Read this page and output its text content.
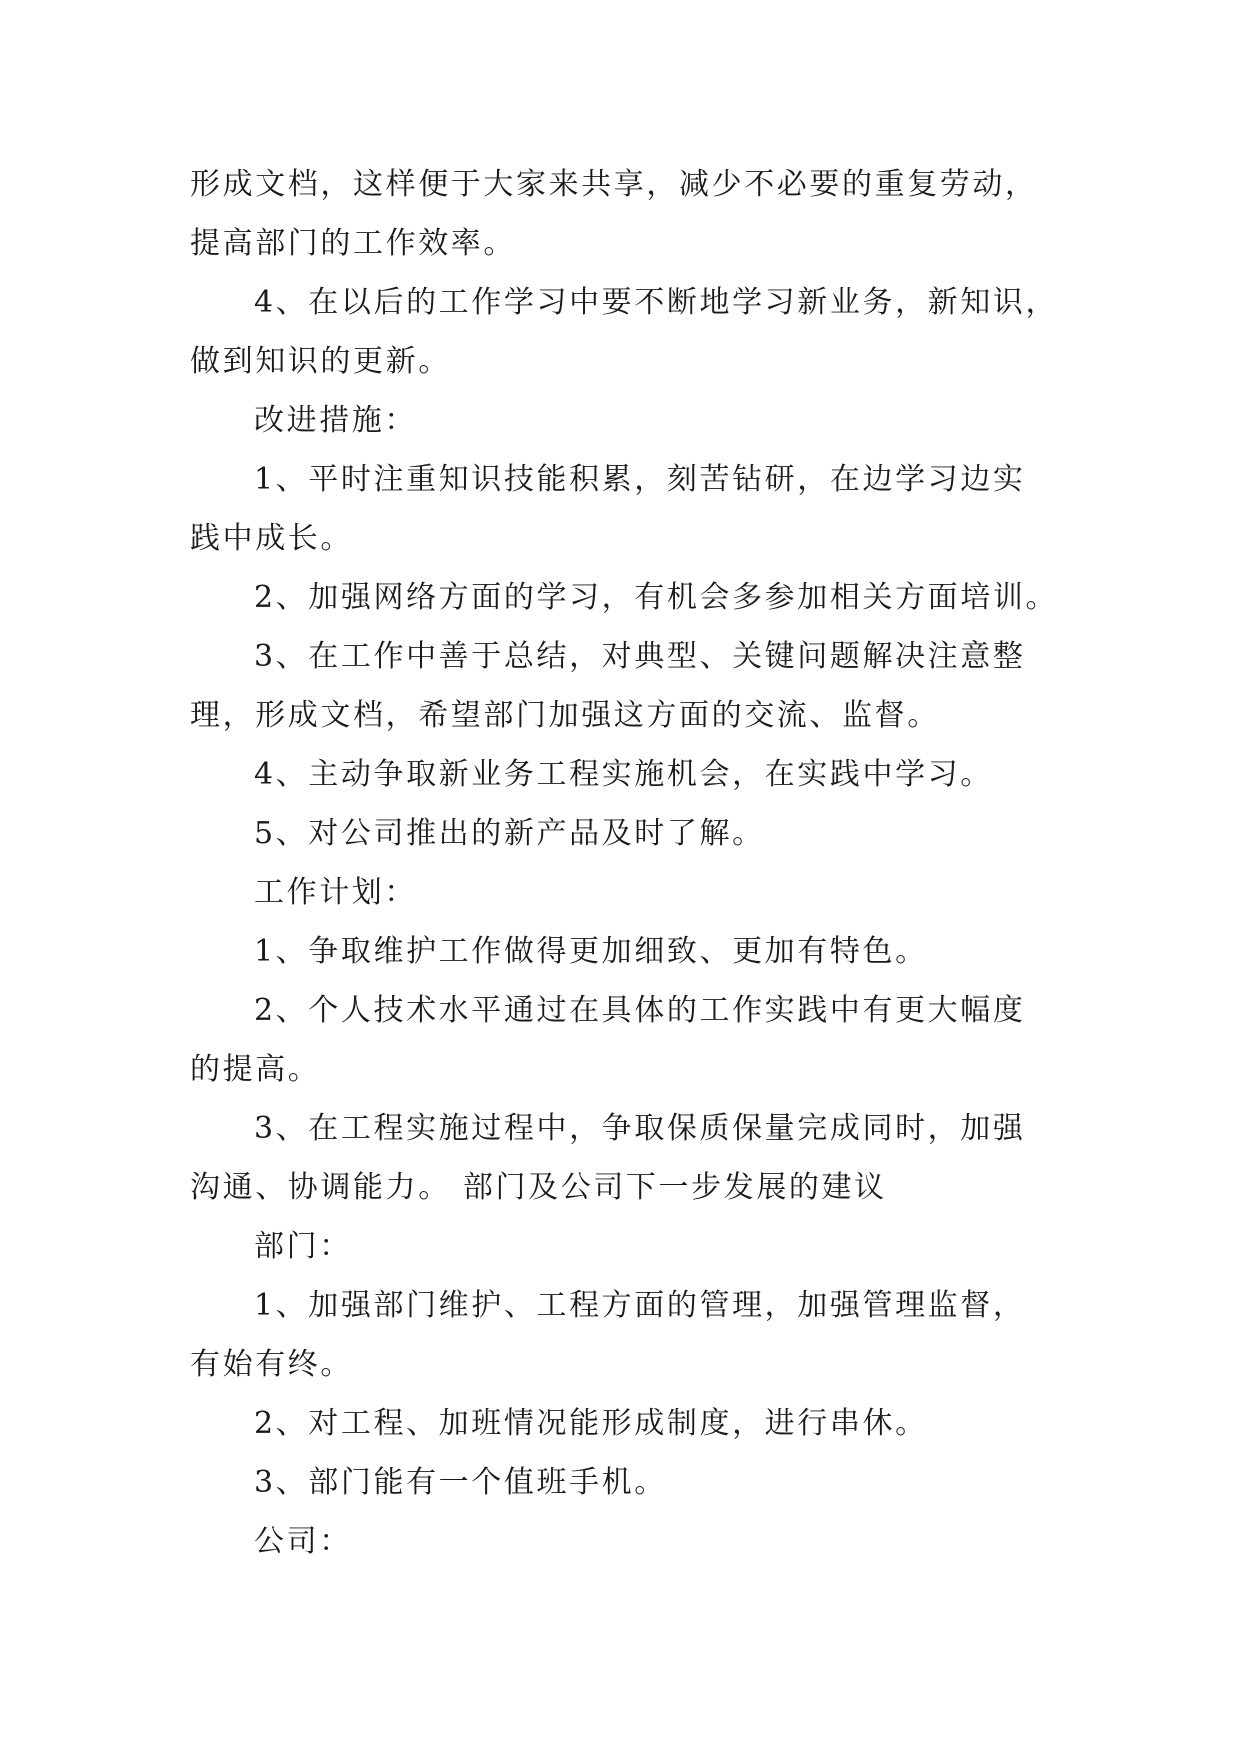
形成文档，这样便于大家来共享，减少不必要的重复劳动，
提高部门的工作效率。
4、在以后的工作学习中要不断地学习新业务，新知识，
做到知识的更新。
改进措施：
1、平时注重知识技能积累，刻苦钻研，在边学习边实
践中成长。
2、加强网络方面的学习，有机会多参加相关方面培训。
3、在工作中善于总结，对典型、关键问题解决注意整
理，形成文档，希望部门加强这方面的交流、监督。
4、主动争取新业务工程实施机会，在实践中学习。
5、对公司推出的新产品及时了解。
工作计划：
1、争取维护工作做得更加细致、更加有特色。
2、个人技术水平通过在具体的工作实践中有更大幅度
的提高。
3、在工程实施过程中，争取保质保量完成同时，加强
沟通、协调能力。 部门及公司下一步发展的建议
部门：
1、加强部门维护、工程方面的管理，加强管理监督，
有始有终。
2、对工程、加班情况能形成制度，进行串休。
3、部门能有一个值班手机。
公司：
